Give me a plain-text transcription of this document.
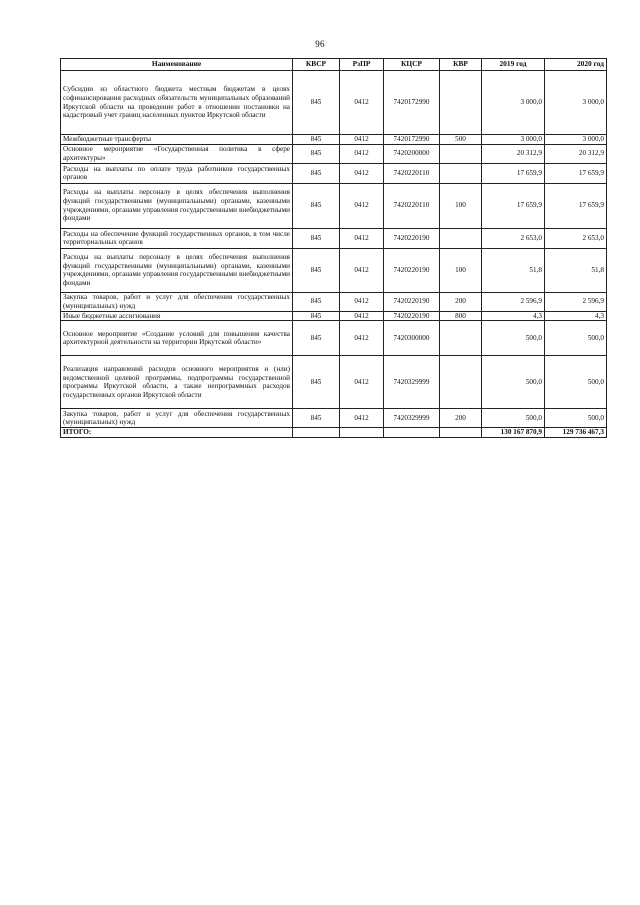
96
Наименование	КВСР	РзПР	КЦСР	КВР	2019 год	2020 год
Субсидии из областного бюджета местным бюджетам в целях софинансирования расходных обязательств муниципальных образований Иркутской области на проведение работ в отношении постановки на кадастровый учет границ населенных пунктов Иркутской области	845	0412	7420172990		3 000,0	3 000,0
Межбюджетные трансферты	845	0412	7420172990	500	3 000,0	3 000,0
Основное мероприятие «Государственная политика в сфере архитектуры»	845	0412	7420200000		20 312,9	20 312,9
Расходы на выплаты по оплате труда работников государственных органов	845	0412	7420220110		17 659,9	17 659,9
Расходы на выплаты персоналу в целях обеспечения выполнения функций государственными (муниципальными) органами, казенными учреждениями, органами управления государственными внебюджетными фондами	845	0412	7420220110	100	17 659,9	17 659,9
Расходы на обеспечение функций государственных органов, в том числе территориальных органов	845	0412	7420220190		2 653,0	2 653,0
Расходы на выплаты персоналу в целях обеспечения выполнения функций государственными (муниципальными) органами, казенными учреждениями, органами управления государственными внебюджетными фондами	845	0412	7420220190	100	51,8	51,8
Закупка товаров, работ и услуг для обеспечения государственных (муниципальных) нужд	845	0412	7420220190	200	2 596,9	2 596,9
Иные бюджетные ассигнования	845	0412	7420220190	800	4,3	4,3
Основное мероприятие «Создание условий для повышения качества архитектурной деятельности на территории Иркутской области»	845	0412	7420300000		500,0	500,0
Реализация направлений расходов основного мероприятия и (или) ведомственной целевой программы, подпрограммы государственной программы Иркутской области, а также непрограммных расходов государственных органов Иркутской области	845	0412	7420329999		500,0	500,0
Закупка товаров, работ и услуг для обеспечения государственных (муниципальных) нужд	845	0412	7420329999	200	500,0	500,0
ИТОГО:					130 167 870,9	129 736 467,3
